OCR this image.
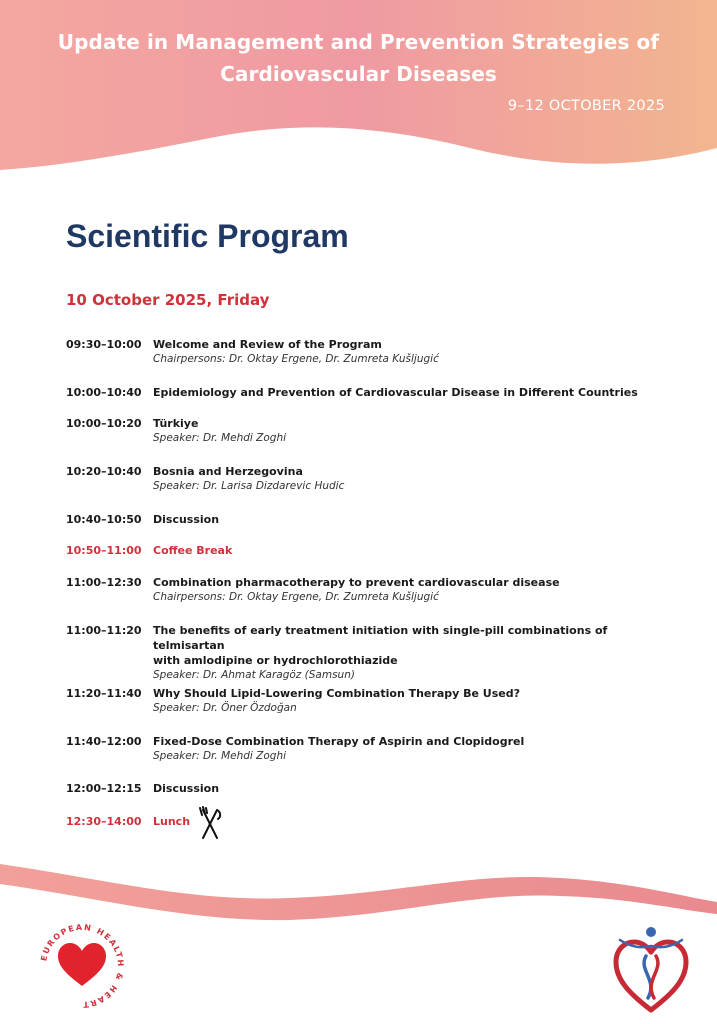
Update in Management and Prevention Strategies of
Cardiovascular Diseases
9–12 OCTOBER 2025
Scientific Program
10 October 2025, Friday
09:30–10:00	Welcome and Review of the Program
Chairpersons: Dr. Oktay Ergene, Dr. Zumreta Kušljugić
10:00–10:40	Epidemiology and Prevention of Cardiovascular Disease in Different Countries
10:00–10:20	Türkiye
Speaker: Dr. Mehdi Zoghi
10:20–10:40	Bosnia and Herzegovina
Speaker: Dr. Larisa Dizdarevic Hudic
10:40–10:50	Discussion
10:50–11:00	Coffee Break
11:00–12:30	Combination pharmacotherapy to prevent cardiovascular disease
Chairpersons: Dr. Oktay Ergene, Dr. Zumreta Kušljugić
11:00–11:20	The benefits of early treatment initiation with single-pill combinations of telmisartan
with amlodipine or hydrochlorothiazide
Speaker: Dr. Ahmat Karagöz (Samsun)
11:20–11:40	Why Should Lipid-Lowering Combination Therapy Be Used?
Speaker: Dr. Öner Özdoğan
11:40–12:00	Fixed-Dose Combination Therapy of Aspirin and Clopidogrel
Speaker: Dr. Mehdi Zoghi
12:00–12:15	Discussion
12:30–14:00	Lunch
EUROPEAN HEALTH & HEART
